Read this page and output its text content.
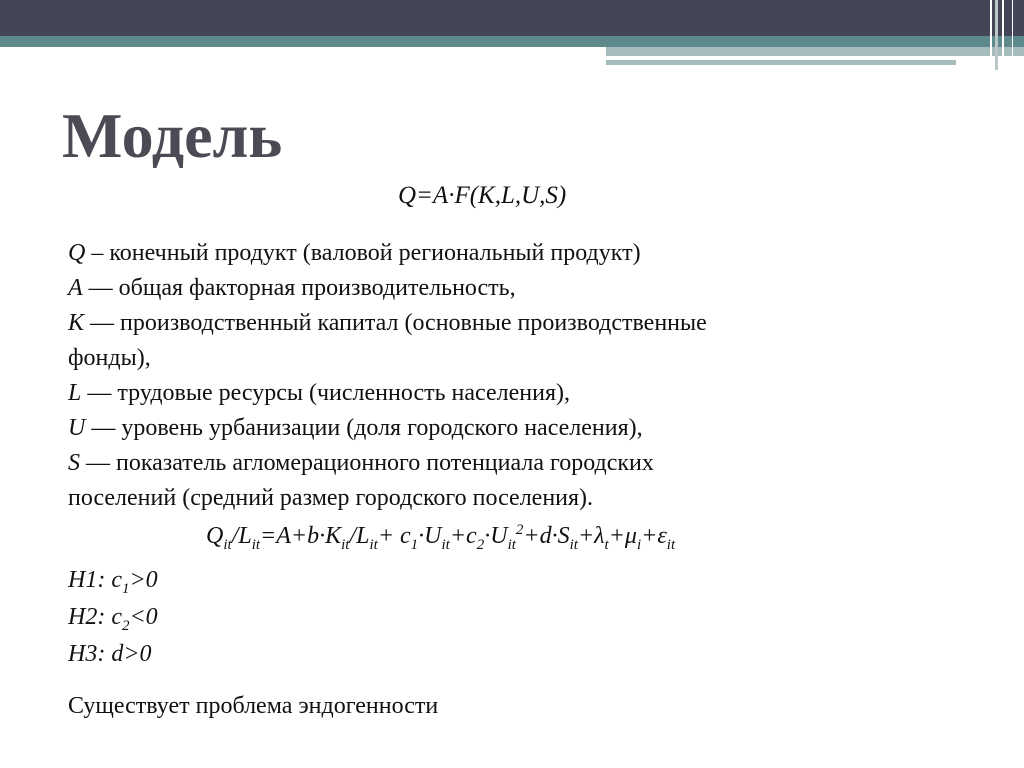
Модель
Q=A·F(K,L,U,S)
Q – конечный продукт (валовой региональный продукт)
A — общая факторная производительность,
K — производственный капитал (основные производственные
фонды),
L — трудовые ресурсы (численность населения),
U — уровень урбанизации (доля городского населения),
S — показатель агломерационного потенциала городских
поселений (средний размер городского поселения).
$Q_{it}/L_{it}=A+b\cdot K_{it}/L_{it}+ c_1\cdot U_{it}+c_2\cdot U_{it}^2+d\cdot S_{it}+\lambda_t+\mu_i+\varepsilon_{it}$
H1: $c_1>0$
H2: $c_2<0$
H3: d>0
Существует проблема эндогенности
